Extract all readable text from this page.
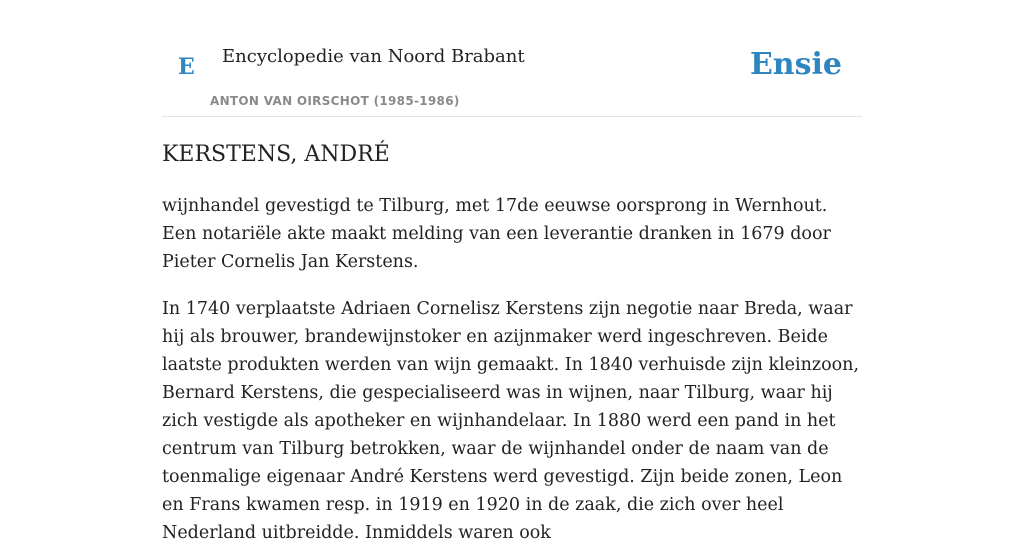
E Encyclopedie van Noord Brabant
ANTON VAN OIRSCHOT (1985-1986)
Ensie
KERSTENS, ANDRÉ

wijnhandel gevestigd te Tilburg, met 17de eeuwse oorsprong in Wernhout. Een notariële akte maakt melding van een leverantie dranken in 1679 door Pieter Cornelis Jan Kerstens.

In 1740 verplaatste Adriaen Cornelisz Kerstens zijn negotie naar Breda, waar hij als brouwer, brandewijnstoker en azijnmaker werd ingeschreven. Beide laatste produkten werden van wijn gemaakt. In 1840 verhuisde zijn kleinzoon, Bernard Kerstens, die gespecialiseerd was in wijnen, naar Tilburg, waar hij zich vestigde als apotheker en wijnhandelaar. In 1880 werd een pand in het centrum van Tilburg betrokken, waar de wijnhandel onder de naam van de toenmalige eigenaar André Kerstens werd gevestigd. Zijn beide zonen, Leon en Frans kwamen resp. in 1919 en 1920 in de zaak, die zich over heel Nederland uitbreidde. Inmiddels waren ook
